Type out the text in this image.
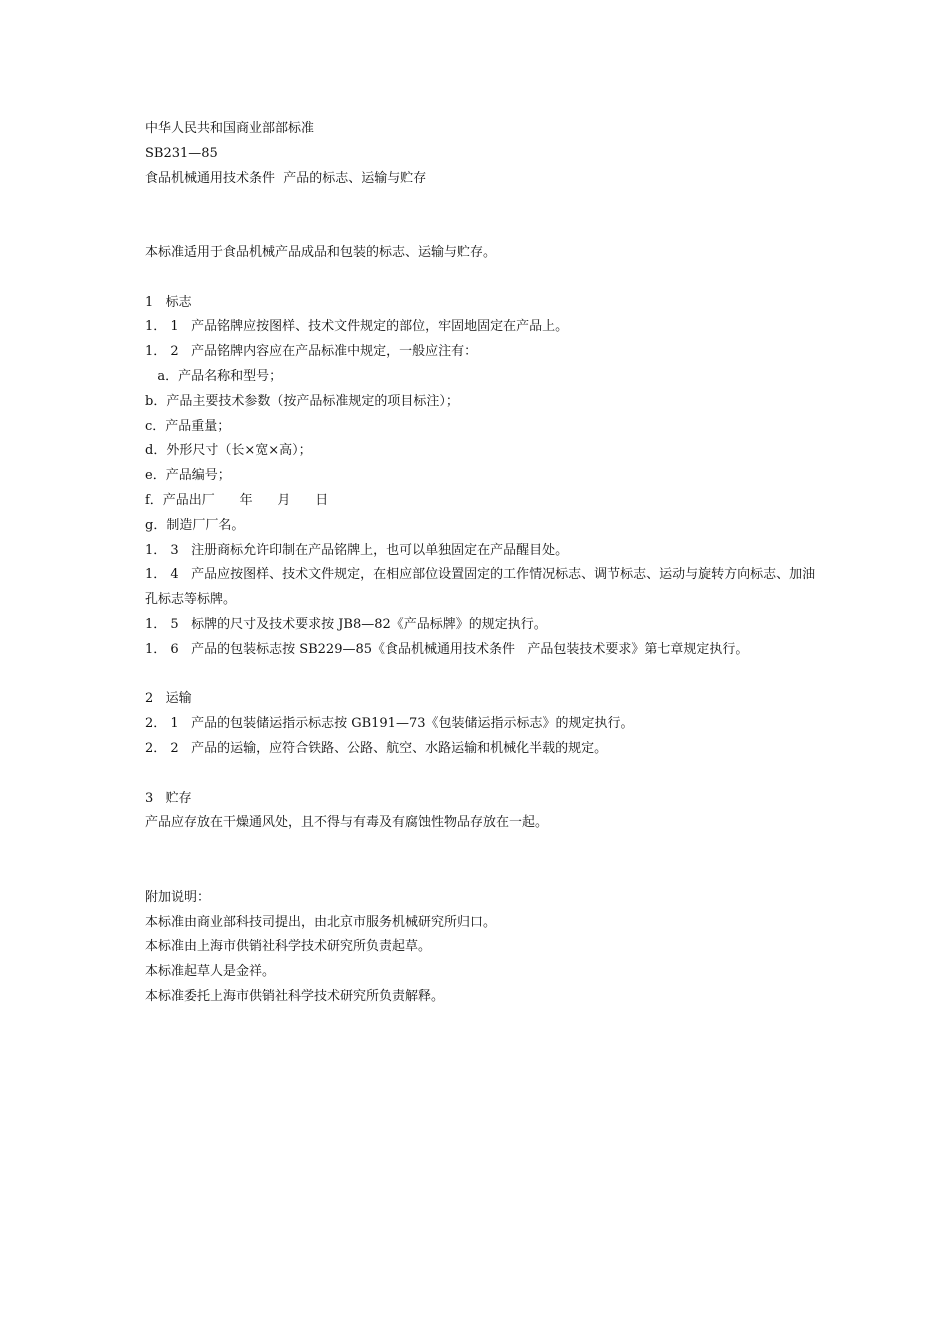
中华人民共和国商业部部标准

SB231—85

食品机械通用技术条件  产品的标志、运输与贮存

本标准适用于食品机械产品成品和包装的标志、运输与贮存。

1   标志

1． 1   产品铭牌应按图样、技术文件规定的部位，牢固地固定在产品上。

1． 2   产品铭牌内容应在产品标准中规定，一般应注有：

a．产品名称和型号；

b．产品主要技术参数（按产品标准规定的项目标注）；

c．产品重量；

d．外形尺寸（长×宽×高）；

e．产品编号；

f．产品出厂      年      月      日

g．制造厂厂名。

1． 3   注册商标允许印制在产品铭牌上，也可以单独固定在产品醒目处。

1． 4   产品应按图样、技术文件规定，在相应部位设置固定的工作情况标志、调节标志、运动与旋转方向标志、加油孔标志等标牌。

1． 5   标牌的尺寸及技术要求按 JB8—82《产品标牌》的规定执行。

1． 6   产品的包装标志按 SB229—85《食品机械通用技术条件   产品包装技术要求》第七章规定执行。

2   运输

2． 1   产品的包装储运指示标志按 GB191—73《包装储运指示标志》的规定执行。

2． 2   产品的运输，应符合铁路、公路、航空、水路运输和机械化半载的规定。

3   贮存

产品应存放在干燥通风处，且不得与有毒及有腐蚀性物品存放在一起。

附加说明：

本标准由商业部科技司提出，由北京市服务机械研究所归口。

本标准由上海市供销社科学技术研究所负责起草。

本标准起草人是金祥。

本标准委托上海市供销社科学技术研究所负责解释。
